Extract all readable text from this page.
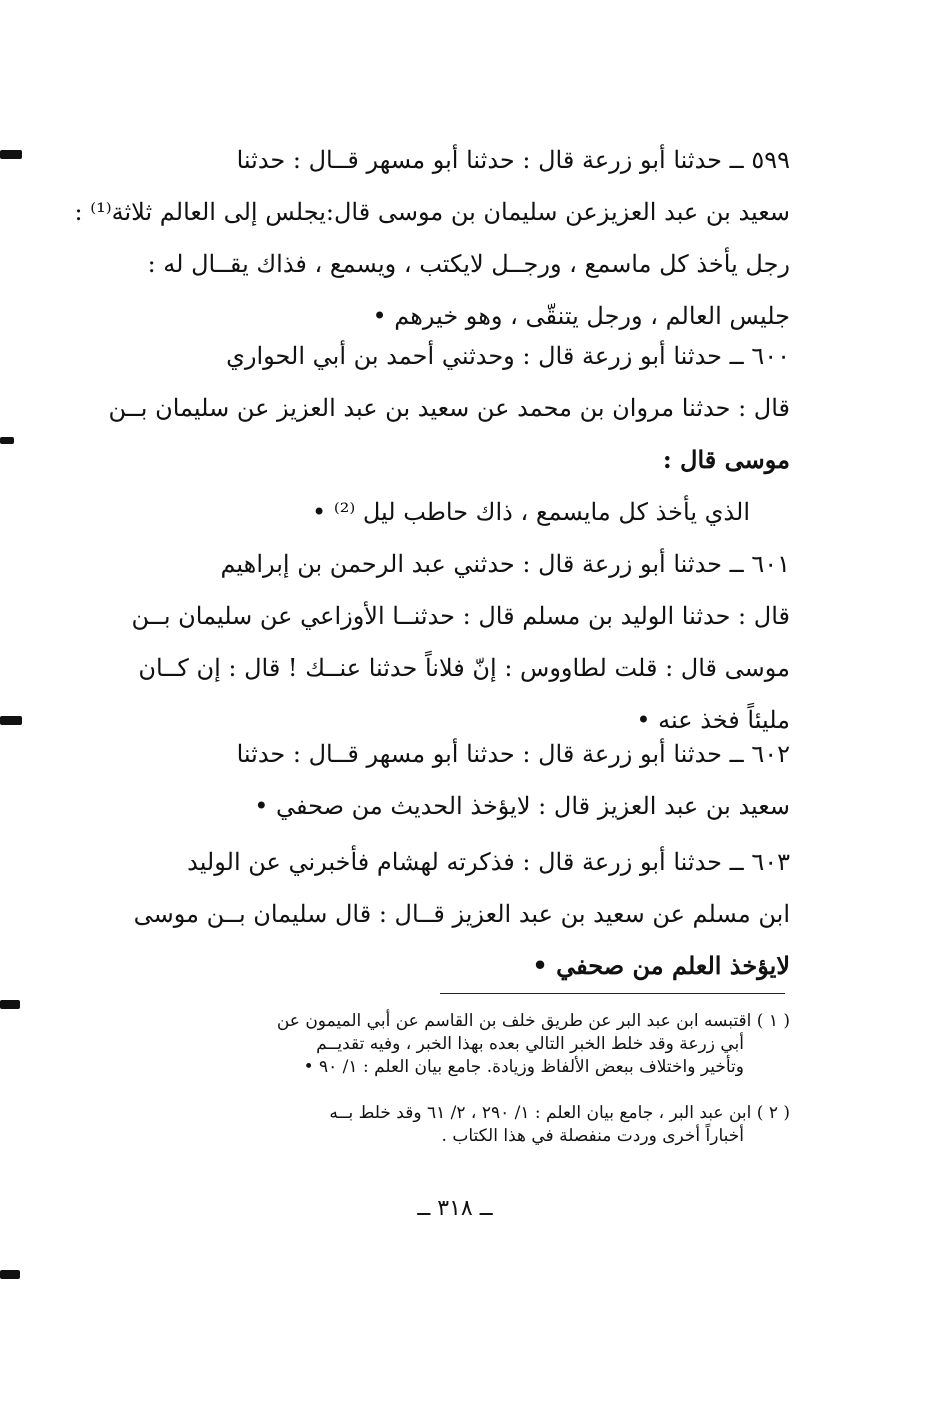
٥٩٩ ــ حدثنا أبو زرعة قال : حدثنا أبو مسهر قــال : حدثنا
سعيد بن عبد العزيزعن سليمان بن موسى قال:يجلس إلى العالم ثلاثة⁽¹⁾ :
رجل يأخذ كل ماسمع ، ورجــل لايكتب ، ويسمع ، فذاك يقــال له :
جليس العالم ، ورجل يتنقّى ، وهو خيرهم •
٦٠٠ ــ حدثنا أبو زرعة قال : وحدثني أحمد بن أبي الحواري
قال : حدثنا مروان بن محمد عن سعيد بن عبد العزيز عن سليمان بــن
موسى قال :
الذي يأخذ كل مايسمع ، ذاك حاطب ليل ⁽²⁾ •
٦٠١ ــ حدثنا أبو زرعة قال : حدثني عبد الرحمن بن إبراهيم
قال : حدثنا الوليد بن مسلم قال : حدثنــا الأوزاعي عن سليمان بــن
موسى قال : قلت لطاووس : إنّ فلاناً حدثنا عنــك ! قال : إن كــان
مليئاً فخذ عنه •
٦٠٢ ــ حدثنا أبو زرعة قال : حدثنا أبو مسهر قــال : حدثنا
سعيد بن عبد العزيز قال : لايؤخذ الحديث من صحفي •
٦٠٣ ــ حدثنا أبو زرعة قال : فذكرته لهشام فأخبرني عن الوليد
ابن مسلم عن سعيد بن عبد العزيز قــال : قال سليمان بــن موسى
لايؤخذ العلم من صحفي •
( ١ ) اقتبسه ابن عبد البر عن طريق خلف بن القاسم عن أبي الميمون عن
أبي زرعة وقد خلط الخبر التالي بعده بهذا الخبر ، وفيه تقديــم
وتأخير واختلاف ببعض الألفاظ وزيادة. جامع بيان العلم : ١/ ٩٠ •
( ٢ ) ابن عبد البر ، جامع بيان العلم : ١/ ٢٩٠ ، ٢/ ٦١ وقد خلط بــه
أخباراً أخرى وردت منفصلة في هذا الكتاب .
ــ ٣١٨ ــ
